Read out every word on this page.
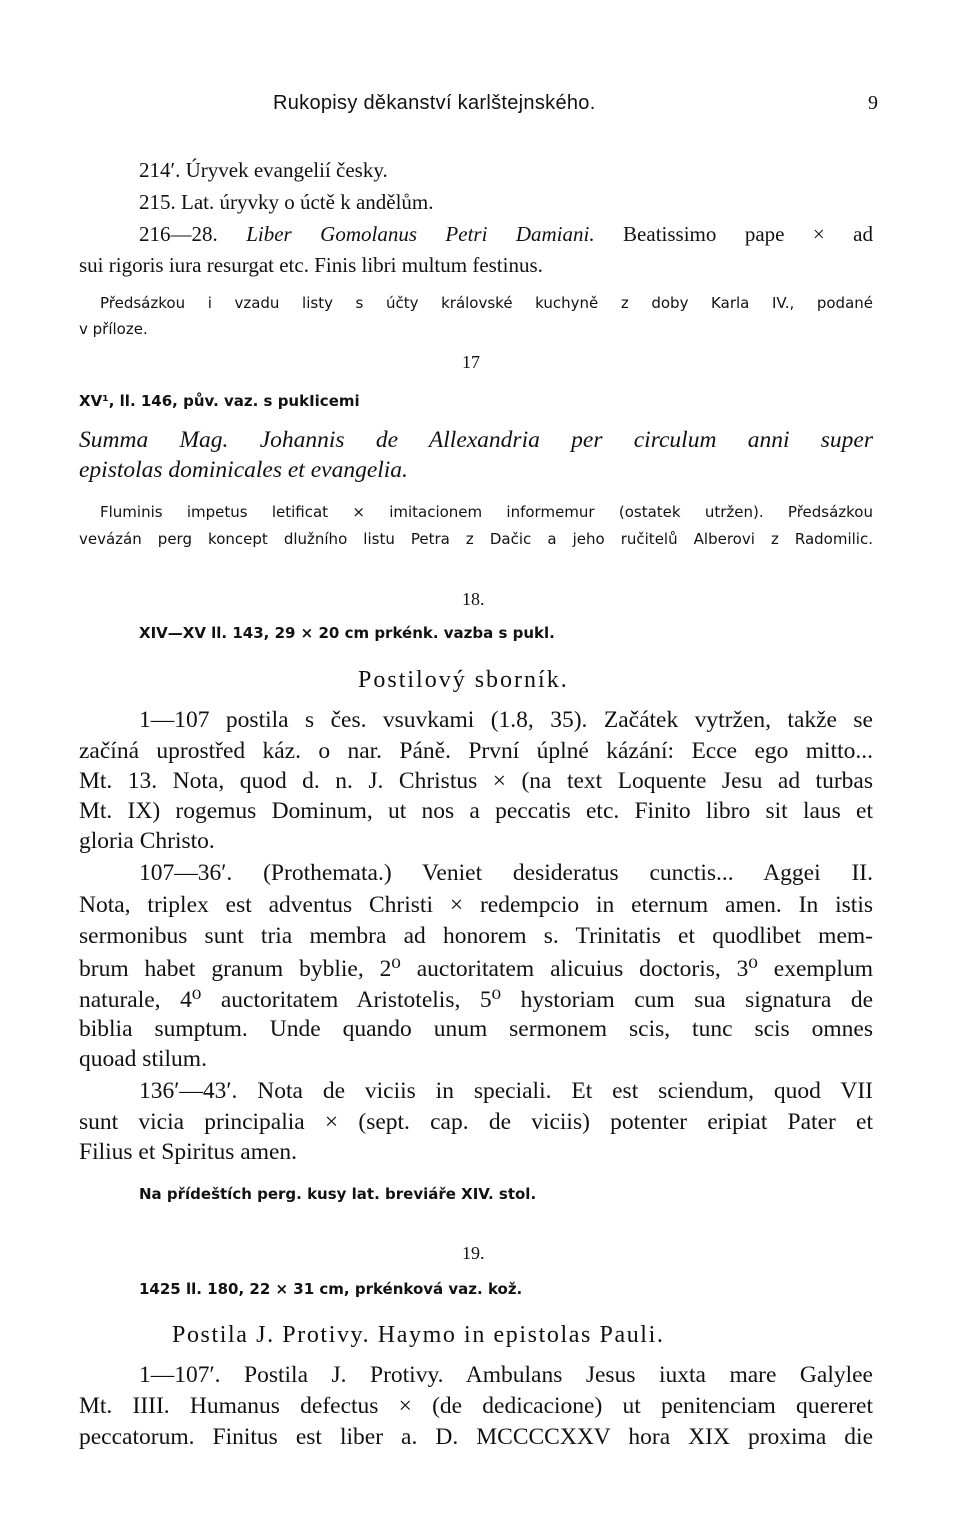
Rukopisy děkanství karlštejnského.	9
214′. Úryvek evangelií česky.
215. Lat. úryvky o úctě k andělům.
216—28. Liber Gomolanus Petri Damiani. Beatissimo pape × ad
sui rigoris iura resurgat etc. Finis libri multum festinus.
Předsázkou i vzadu listy s účty královské kuchyně z doby Karla IV., podané
v příloze.
17
XV¹, ll. 146, pův. vaz. s pukIicemi
Summa Mag. Johannis de Allexandria per circulum anni super
epistolas dominicales et evangelia.
Fluminis impetus letificat × imitacionem informemur (ostatek utržen). Předsázkou
vevázán perg koncept dlužního listu Petra z Dačic a jeho ručitelů Alberovi z Radomilic.
18.
XIV—XV ll. 143, 29 × 20 cm prkénk. vazba s pukl.
Postilový sborník.
1—107 postila s čes. vsuvkami (1.8, 35). Začátek vytržen, takže se
začíná uprostřed káz. o nar. Páně. První úplné kázání: Ecce ego mitto...
Mt. 13. Nota, quod d. n. J. Christus × (na text Loquente Jesu ad turbas
Mt. IX) rogemus Dominum, ut nos a peccatis etc. Finito libro sit laus et
gloria Christo.
107—36′. (Prothemata.) Veniet desideratus cunctis... Aggei II.
Nota, triplex est adventus Christi × redempcio in eternum amen. In istis
sermonibus sunt tria membra ad honorem s. Trinitatis et quodlibet mem-
brum habet granum byblie, 2⁰ auctoritatem alicuius doctoris, 3⁰ exemplum
naturale, 4⁰ auctoritatem Aristotelis, 5⁰ hystoriam cum sua signatura de
biblia sumptum. Unde quando unum sermonem scis, tunc scis omnes
quoad stilum.
136′—43′. Nota de viciis in speciali. Et est sciendum, quod VII
sunt vicia principalia × (sept. cap. de viciis) potenter eripiat Pater et
Filius et Spiritus amen.
Na přídeštích perg. kusy lat. breviáře XIV. stol.
19.
1425 ll. 180, 22 × 31 cm, prkénková vaz. kož.
Postila J. Protivy. Haymo in epistolas Pauli.
1—107′. Postila J. Protivy. Ambulans Jesus iuxta mare Galylee
Mt. IIII. Humanus defectus × (de dedicacione) ut penitenciam quereret
peccatorum. Finitus est liber a. D. MCCCCXXV hora XIX proxima die
